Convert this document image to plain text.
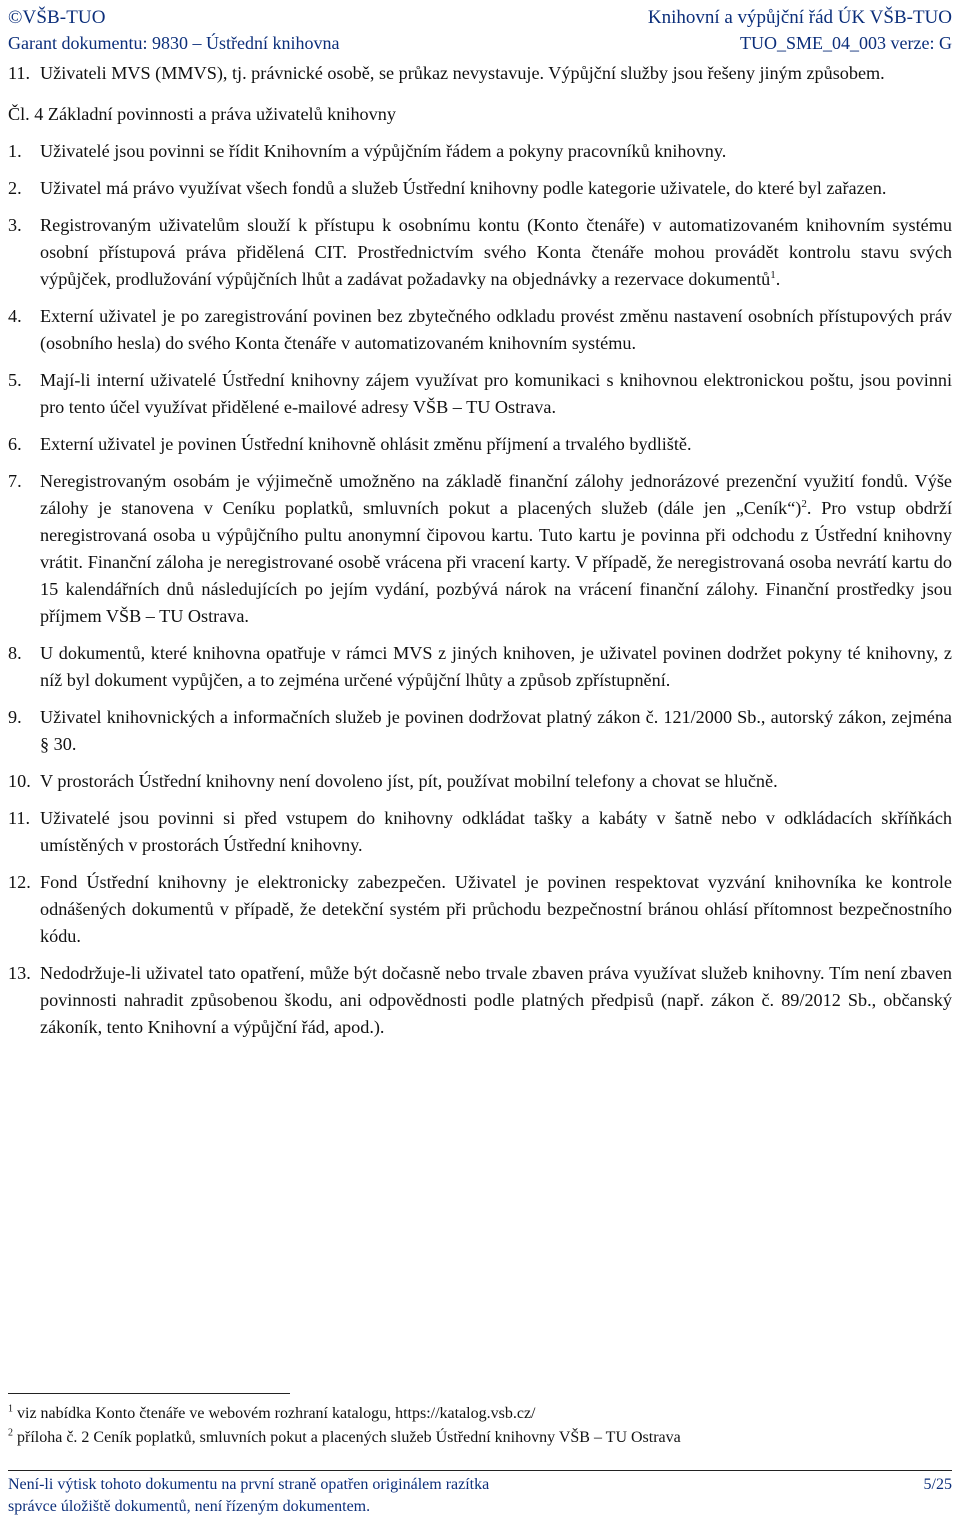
©VŠB-TUO	Knihovní a výpůjční řád ÚK VŠB-TUO
Garant dokumentu: 9830 – Ústřední knihovna	TUO_SME_04_003 verze: G
11. Uživateli MVS (MMVS), tj. právnické osobě, se průkaz nevystavuje. Výpůjční služby jsou řešeny jiným způsobem.
Čl. 4 Základní povinnosti a práva uživatelů knihovny
1. Uživatelé jsou povinni se řídit Knihovním a výpůjčním řádem a pokyny pracovníků knihovny.
2. Uživatel má právo využívat všech fondů a služeb Ústřední knihovny podle kategorie uživatele, do které byl zařazen.
3. Registrovaným uživatelům slouží k přístupu k osobnímu kontu (Konto čtenáře) v automatizovaném knihovním systému osobní přístupová práva přidělená CIT. Prostřednictvím svého Konta čtenáře mohou provádět kontrolu stavu svých výpůjček, prodlužování výpůjčních lhůt a zadávat požadavky na objednávky a rezervace dokumentů$^1$.
4. Externí uživatel je po zaregistrování povinen bez zbytečného odkladu provést změnu nastavení osobních přístupových práv (osobního hesla) do svého Konta čtenáře v automatizovaném knihovním systému.
5. Mají-li interní uživatelé Ústřední knihovny zájem využívat pro komunikaci s knihovnou elektronickou poštu, jsou povinni pro tento účel využívat přidělené e-mailové adresy VŠB – TU Ostrava.
6. Externí uživatel je povinen Ústřední knihovně ohlásit změnu příjmení a trvalého bydliště.
7. Neregistrovaným osobám je výjimečně umožněno na základě finanční zálohy jednorázové prezenční využití fondů. Výše zálohy je stanovena v Ceníku poplatků, smluvních pokut a placených služeb (dále jen „Ceník“)$^2$. Pro vstup obdrží neregistrovaná osoba u výpůjčního pultu anonymní čipovou kartu. Tuto kartu je povinna při odchodu z Ústřední knihovny vrátit. Finanční záloha je neregistrované osobě vrácena při vracení karty. V případě, že neregistrovaná osoba nevrátí kartu do 15 kalendářních dnů následujících po jejím vydání, pozbývá nárok na vrácení finanční zálohy. Finanční prostředky jsou příjmem VŠB – TU Ostrava.
8. U dokumentů, které knihovna opatřuje v rámci MVS z jiných knihoven, je uživatel povinen dodržet pokyny té knihovny, z níž byl dokument vypůjčen, a to zejména určené výpůjční lhůty a způsob zpřístupnění.
9. Uživatel knihovnických a informačních služeb je povinen dodržovat platný zákon č. 121/2000 Sb., autorský zákon, zejména § 30.
10. V prostorách Ústřední knihovny není dovoleno jíst, pít, používat mobilní telefony a chovat se hlučně.
11. Uživatelé jsou povinni si před vstupem do knihovny odkládat tašky a kabáty v šatně nebo v odkládacích skříňkách umístěných v prostorách Ústřední knihovny.
12. Fond Ústřední knihovny je elektronicky zabezpečen. Uživatel je povinen respektovat vyzvání knihovníka ke kontrole odnášených dokumentů v případě, že detekční systém při průchodu bezpečnostní bránou ohlásí přítomnost bezpečnostního kódu.
13. Nedodržuje-li uživatel tato opatření, může být dočasně nebo trvale zbaven práva využívat služeb knihovny. Tím není zbaven povinnosti nahradit způsobenou škodu, ani odpovědnosti podle platných předpisů (např. zákon č. 89/2012 Sb., občanský zákoník, tento Knihovní a výpůjční řád, apod.).
$^1$ viz nabídka Konto čtenáře ve webovém rozhraní katalogu, https://katalog.vsb.cz/
$^2$ příloha č. 2 Ceník poplatků, smluvních pokut a placených služeb Ústřední knihovny VŠB – TU Ostrava
Není-li výtisk tohoto dokumentu na první straně opatřen originálem razítka	5/25
správce úložiště dokumentů, není řízeným dokumentem.
